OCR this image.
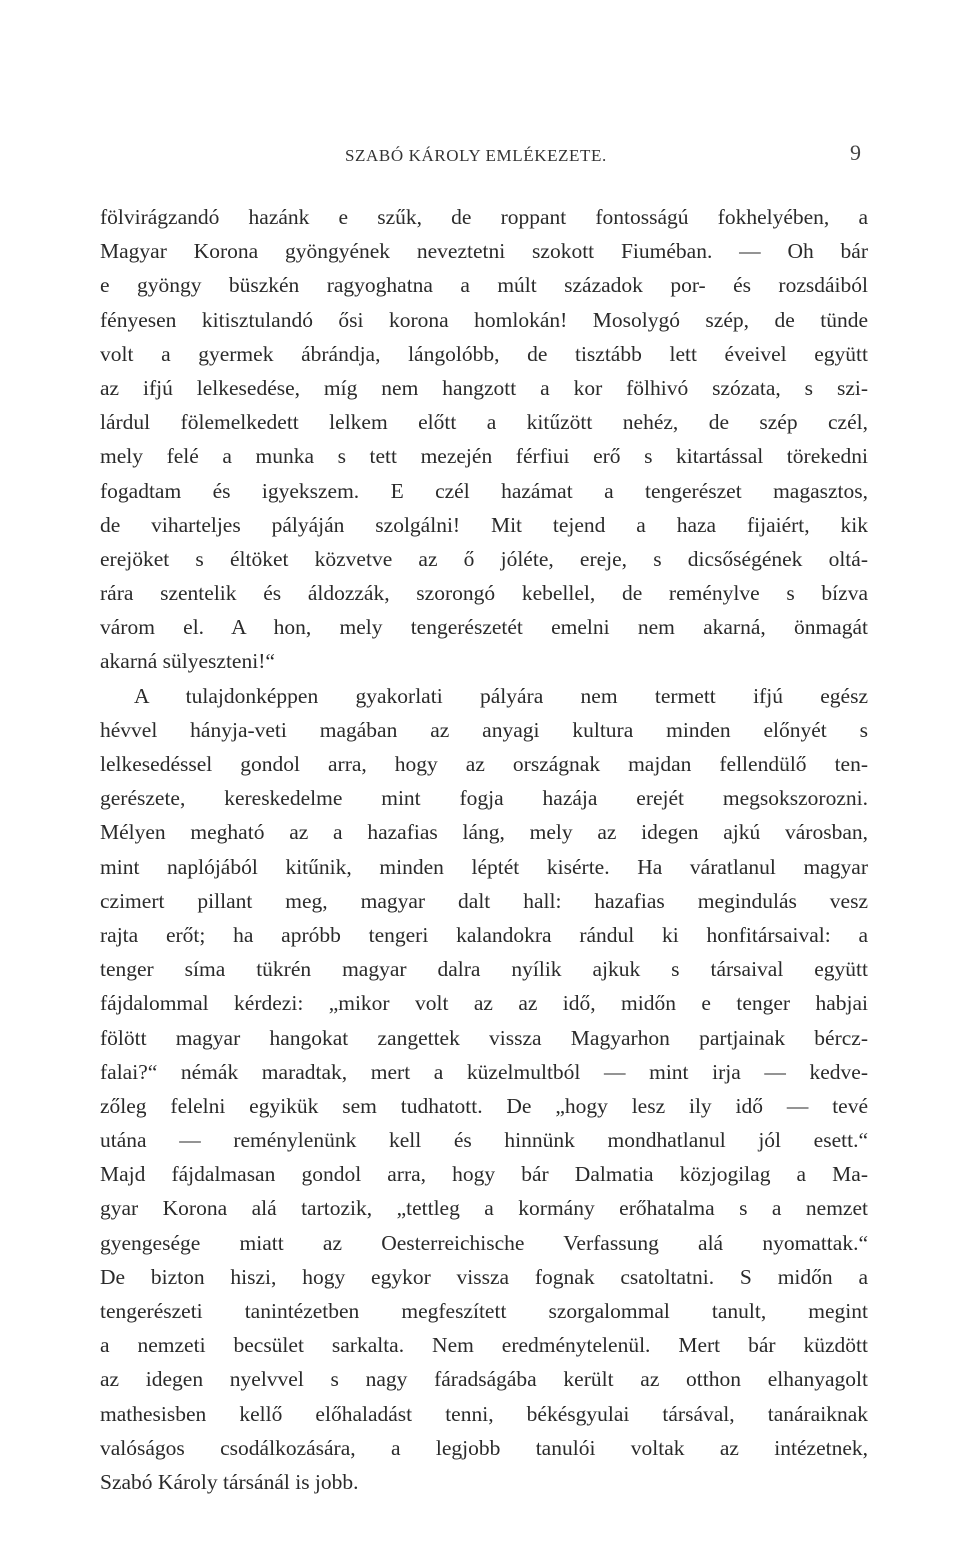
SZABÓ KÁROLY EMLÉKEZETE.	9
fölvirágzandó hazánk e szűk, de roppant fontosságú fokhelyében, a
Magyar Korona gyöngyének neveztetni szokott Fiuméban. — Oh bár
e gyöngy büszkén ragyoghatna a múlt századok por- és rozsdáiból
fényesen kitisztulandó ősi korona homlokán! Mosolygó szép, de tünde
volt a gyermek ábrándja, lángolóbb, de tisztább lett éveivel együtt
az ifjú lelkesedése, míg nem hangzott a kor fölhivó szózata, s szi-
lárdul fölemelkedett lelkem előtt a kitűzött nehéz, de szép czél,
mely felé a munka s tett mezején férfiui erő s kitartással törekedni
fogadtam és igyekszem. E czél hazámat a tengerészet magasztos,
de viharteljes pályáján szolgálni! Mit tejend a haza fijaiért, kik
erejöket s éltöket közvetve az ő jóléte, ereje, s dicsőségének oltá-
rára szentelik és áldozzák, szorongó kebellel, de reménylve s bízva
várom el. A hon, mely tengerészetét emelni nem akarná, önmagát
akarná sülyeszteni!“
A tulajdonképpen gyakorlati pályára nem termett ifjú egész
hévvel hányja-veti magában az anyagi kultura minden előnyét s
lelkesedéssel gondol arra, hogy az országnak majdan fellendülő ten-
gerészete, kereskedelme mint fogja hazája erejét megsokszorozni.
Mélyen megható az a hazafias láng, mely az idegen ajkú városban,
mint naplójából kitűnik, minden léptét kisérte. Ha váratlanul magyar
czimert pillant meg, magyar dalt hall: hazafias megindulás vesz
rajta erőt; ha apróbb tengeri kalandokra rándul ki honfitársaival: a
tenger síma tükrén magyar dalra nyílik ajkuk s társaival együtt
fájdalommal kérdezi: „mikor volt az az idő, midőn e tenger habjai
fölött magyar hangokat zangettek vissza Magyarhon partjainak bércz-
falai?“ némák maradtak, mert a küzelmultból — mint irja — kedve-
zőleg felelni egyikük sem tudhatott. De „hogy lesz ily idő — tevé
utána — reménylenünk kell és hinnünk mondhatlanul jól esett.“
Majd fájdalmasan gondol arra, hogy bár Dalmatia közjogilag a Ma-
gyar Korona alá tartozik, „tettleg a kormány erőhatalma s a nemzet
gyengesége miatt az Oesterreichische Verfassung alá nyomattak.“
De bizton hiszi, hogy egykor vissza fognak csatoltatni. S midőn a
tengerészeti tanintézetben megfeszített szorgalommal tanult, megint
a nemzeti becsület sarkalta. Nem eredménytelenül. Mert bár küzdött
az idegen nyelvvel s nagy fáradságába került az otthon elhanyagolt
mathesisben kellő előhaladást tenni, békésgyulai társával, tanáraiknak
valóságos csodálkozására, a legjobb tanulói voltak az intézetnek,
Szabó Károly társánál is jobb.
